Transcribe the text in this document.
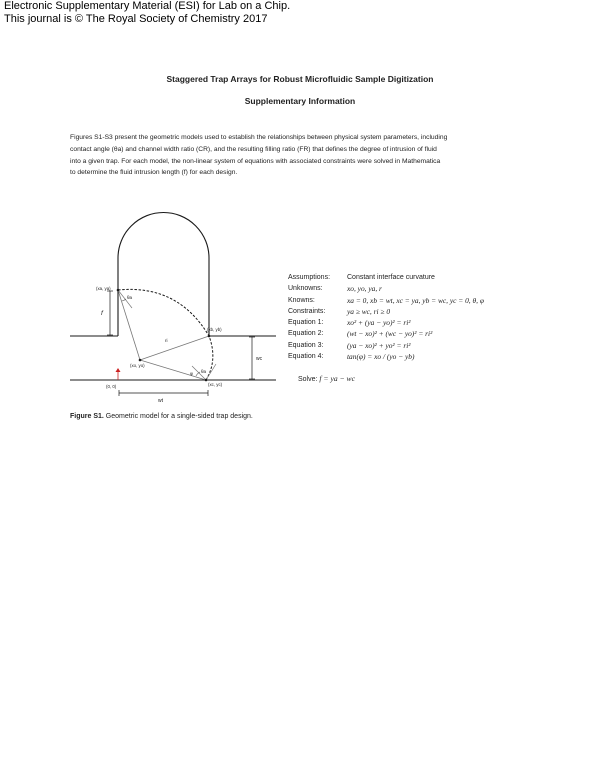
Electronic Supplementary Material (ESI) for Lab on a Chip.
This journal is © The Royal Society of Chemistry 2017
Staggered Trap Arrays for Robust Microfluidic Sample Digitization
Supplementary Information
Figures S1-S3 present the geometric models used to establish the relationships between physical system parameters, including
contact angle (θa) and channel width ratio (CR), and the resulting filling ratio (FR) that defines the degree of intrusion of fluid
into a given trap. For each model, the non-linear system of equations with associated constraints were solved in Mathematica
to determine the fluid intrusion length (f) for each design.
(xa, ya)
(xb, yb)
(xo, yo)
(xc, yc)
(0, 0)
θa
φ θa
ri
f
wc
wt
Assumptions: Constant interface curvature
Unknowns:	xo, yo, ya, r
Knowns:	xa = 0, xb = wt, xc = ya, yb = wc, yc = 0, θ, φ
Constraints:	ya ≥ wc, ri ≥ 0
Equation 1:	xo² + (ya − yo)² = ri²
Equation 2:	(wt − xo)² + (wc − yo)² = ri²
Equation 3:	(ya − xo)² + yo² = ri²
Equation 4:	tan(φ) = xo / (yo − yb)
Solve: f = ya − wc
Figure S1. Geometric model for a single-sided trap design.
